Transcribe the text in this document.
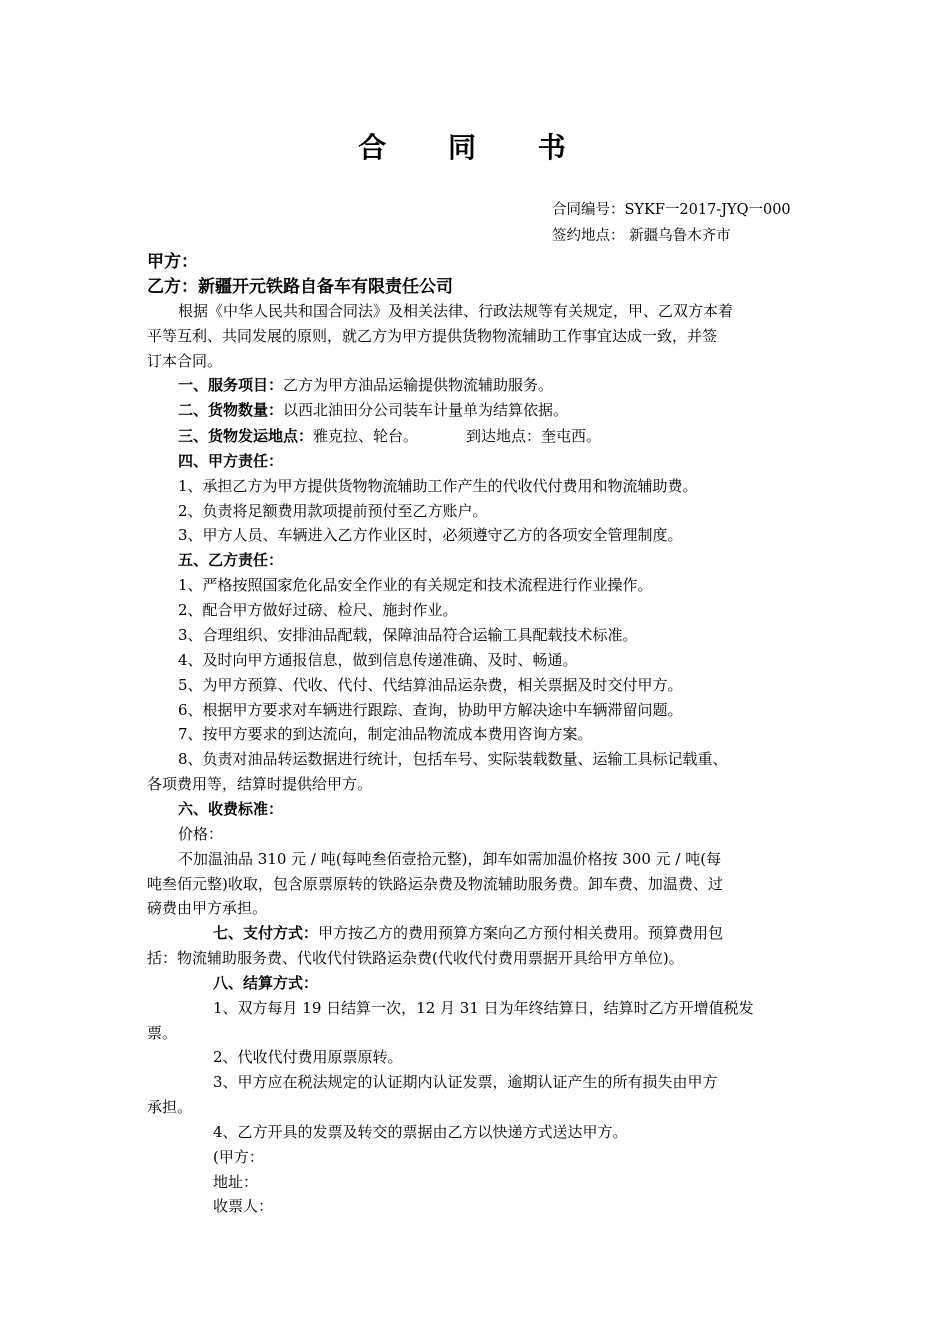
合 同 书
合同编号：SYKF一2017-JYQ一000
签约地点： 新疆乌鲁木齐市
甲方：
乙方：新疆开元铁路自备车有限责任公司
根据《中华人民共和国合同法》及相关法律、行政法规等有关规定，甲、乙双方本着
平等互利、共同发展的原则，就乙方为甲方提供货物物流辅助工作事宜达成一致，并签
订本合同。
一、服务项目：乙方为甲方油品运输提供物流辅助服务。
二、货物数量：以西北油田分公司装车计量单为结算依据。
三、货物发运地点：雅克拉、轮台。	到达地点：奎屯西。
四、甲方责任：
1、承担乙方为甲方提供货物物流辅助工作产生的代收代付费用和物流辅助费。
2、负责将足额费用款项提前预付至乙方账户。
3、甲方人员、车辆进入乙方作业区时，必须遵守乙方的各项安全管理制度。
五、乙方责任：
1、严格按照国家危化品安全作业的有关规定和技术流程进行作业操作。
2、配合甲方做好过磅、检尺、施封作业。
3、合理组织、安排油品配载，保障油品符合运输工具配载技术标准。
4、及时向甲方通报信息，做到信息传递准确、及时、畅通。
5、为甲方预算、代收、代付、代结算油品运杂费，相关票据及时交付甲方。
6、根据甲方要求对车辆进行跟踪、查询，协助甲方解决途中车辆滞留问题。
7、按甲方要求的到达流向，制定油品物流成本费用咨询方案。
8、负责对油品转运数据进行统计，包括车号、实际装载数量、运输工具标记载重、
各项费用等，结算时提供给甲方。
六、收费标准：
价格：
不加温油品 310 元 / 吨(每吨叁佰壹拾元整)，卸车如需加温价格按 300 元 / 吨(每
吨叁佰元整)收取，包含原票原转的铁路运杂费及物流辅助服务费。卸车费、加温费、过
磅费由甲方承担。
七、支付方式：甲方按乙方的费用预算方案向乙方预付相关费用。预算费用包
括：物流辅助服务费、代收代付铁路运杂费(代收代付费用票据开具给甲方单位)。
八、结算方式：
1、双方每月 19 日结算一次，12 月 31 日为年终结算日，结算时乙方开增值税发
票。
2、代收代付费用原票原转。
3、甲方应在税法规定的认证期内认证发票，逾期认证产生的所有损失由甲方
承担。
4、乙方开具的发票及转交的票据由乙方以快递方式送达甲方。
(甲方：
地址：
收票人：
